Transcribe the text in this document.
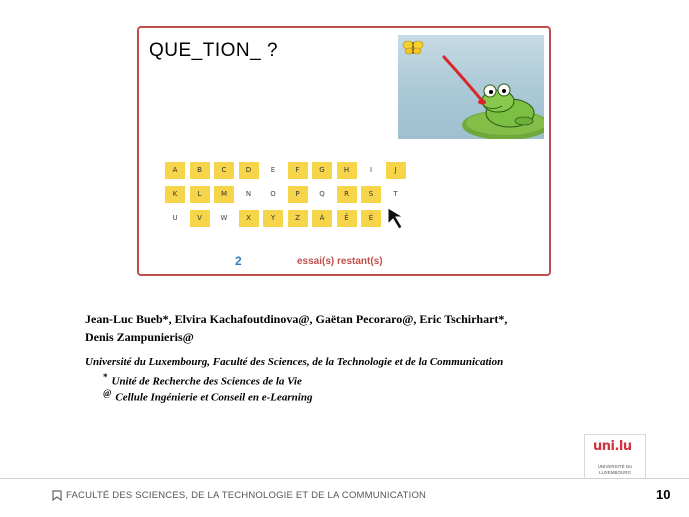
QUE_TION_ ?
A	B	C	D	E	F	G	H	I	J
K	L	M	N	O	P	Q	R	S	T
U	V	W	X	Y	Z	À	Ê	É
2	essai(s) restant(s)
Jean-Luc Bueb*, Elvira Kachafoutdinova@, Gaëtan Pecoraro@, Eric Tschirhart*,
Denis Zampunieris@
Université du Luxembourg, Faculté des Sciences, de la Technologie et de la Communication
* Unité de Recherche des Sciences de la Vie
@ Cellule Ingénierie et Conseil en e-Learning
uni.lu
UNIVERSITÉ DU
LUXEMBOURG
FACULTÉ DES SCIENCES, DE LA TECHNOLOGIE ET DE LA COMMUNICATION	10
